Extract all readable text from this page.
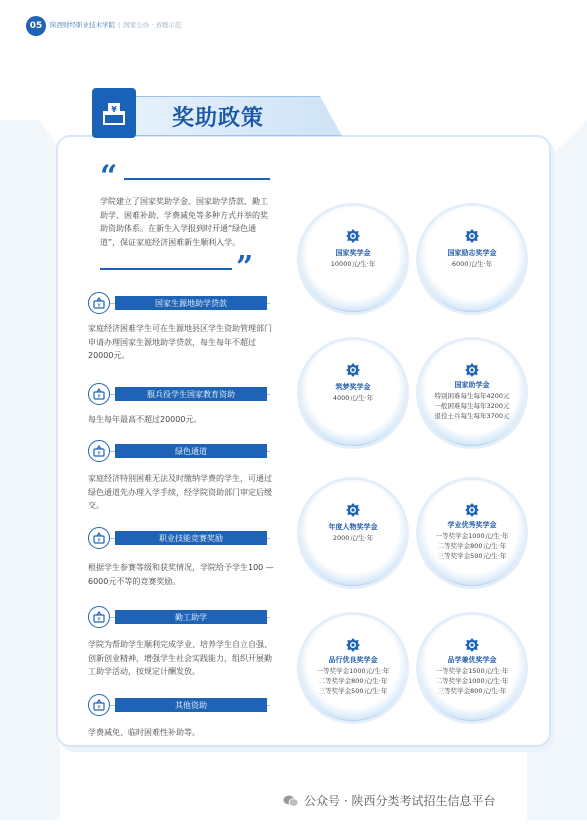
05	陕西财经职业技术学院 | 国家公办 · 省级示范
¥	奖助政策
“
学院建立了国家奖助学金、国家助学贷款、勤工助学、困难补助、学费减免等多种方式并举的奖助资助体系。在新生入学报到时开通“绿色通道”，保证家庭经济困难新生顺利入学。
”
¥	国家生源地助学贷款
家庭经济困难学生可在生源地县区学生资助管理部门申请办理国家生源地助学贷款，每生每年不超过20000元。
¥	服兵役学生国家教育资助
每生每年最高不超过20000元。
¥	绿色通道
家庭经济特别困难无法及时缴纳学费的学生，可通过绿色通道先办理入学手续，经学院资助部门审定后缓交。
¥	职业技能竞赛奖励
根据学生参赛等级和获奖情况，学院给予学生100 — 6000元不等的竞赛奖励。
¥	勤工助学
学院为帮助学生顺利完成学业、培养学生自立自强、创新创业精神，增强学生社会实践能力，组织开展勤工助学活动，按规定计酬发放。
¥	其他资助
学费减免、临时困难性补助等。
国家奖学金
10000元/生·年
国家励志奖学金
6000元/生·年
筑梦奖学金
4000元/生·年
国家助学金
特别困难每生每年4200元
一般困难每生每年3200元
退役士兵每生每年3700元
年度人物奖学金
2000元/生·年
学业优秀奖学金
一等奖学金1000元/生·年
二等奖学金800元/生·年
三等奖学金500元/生·年
品行优良奖学金
一等奖学金1000元/生·年
二等奖学金800元/生·年
三等奖学金500元/生·年
品学兼优奖学金
一等奖学金1500元/生·年
二等奖学金1000元/生·年
三等奖学金800元/生·年
公众号 · 陕西分类考试招生信息平台
